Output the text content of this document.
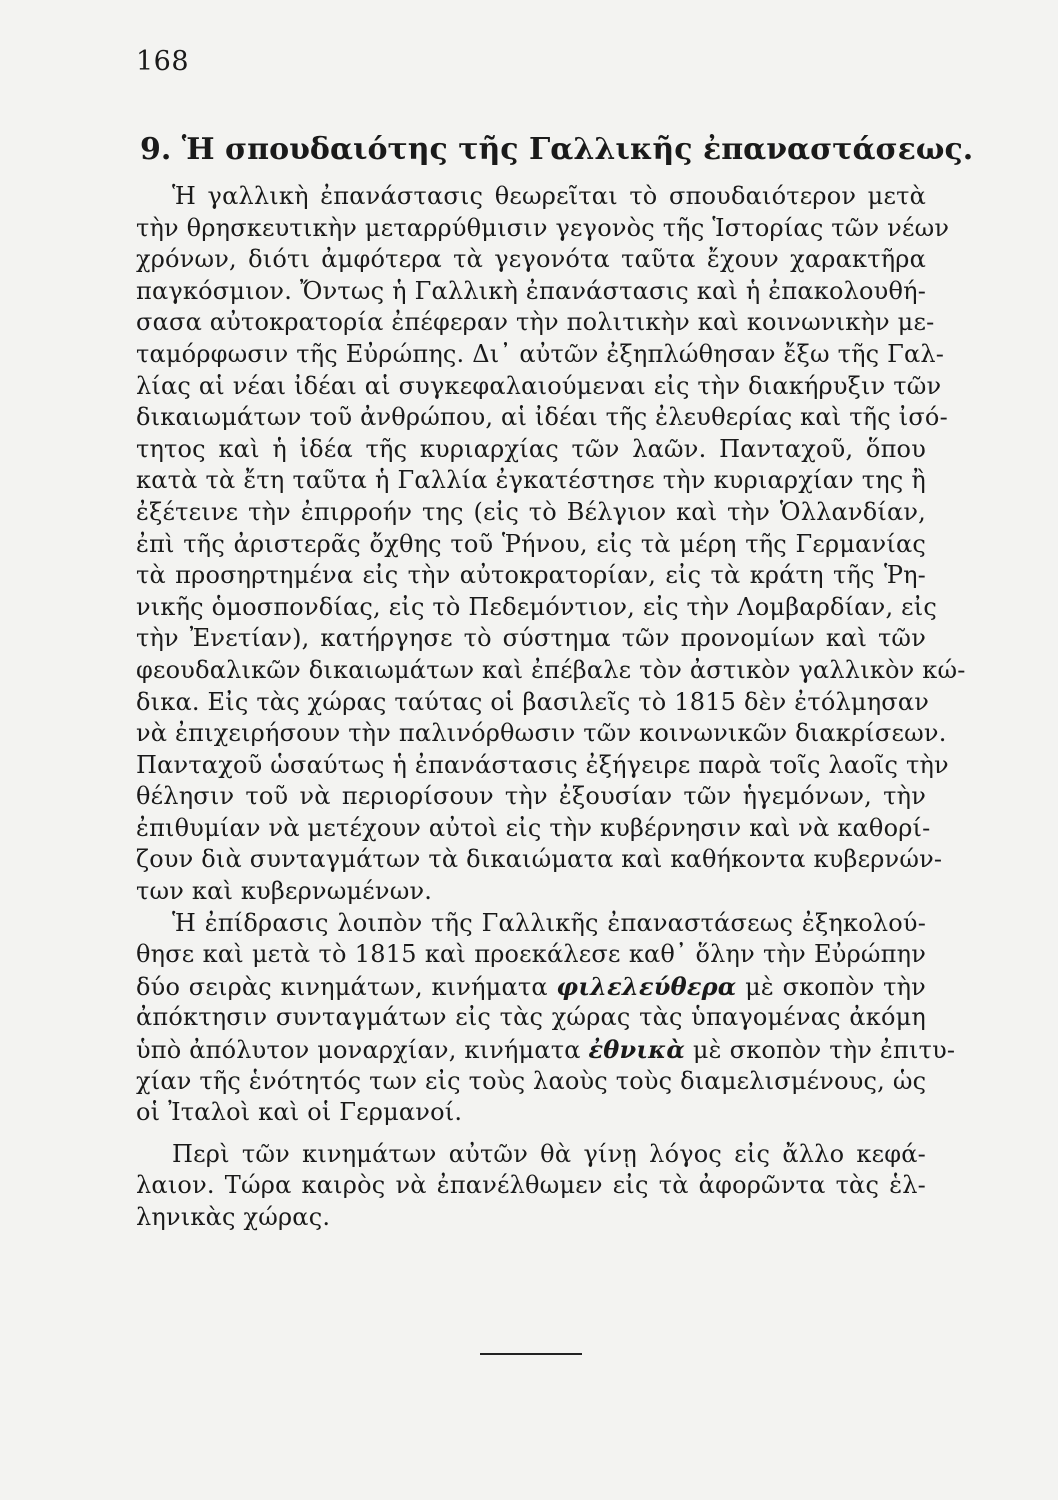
168
9. Ἡ σπουδαιότης τῆς Γαλλικῆς ἐπαναστάσεως.
Ἡ γαλλικὴ ἐπανάστασις θεωρεῖται τὸ σπουδαιότερον μετὰ
τὴν θρησκευτικὴν μεταρρύθμισιν γεγονὸς τῆς Ἱστορίας τῶν νέων
χρόνων, διότι ἀμφότερα τὰ γεγονότα ταῦτα ἔχουν χαρακτῆρα
παγκόσμιον. Ὄντως ἡ Γαλλικὴ ἐπανάστασις καὶ ἡ ἐπακολουθή-
σασα αὐτοκρατορία ἐπέφεραν τὴν πολιτικὴν καὶ κοινωνικὴν με-
ταμόρφωσιν τῆς Εὐρώπης. Δι᾽ αὐτῶν ἐξηπλώθησαν ἔξω τῆς Γαλ-
λίας αἱ νέαι ἰδέαι αἱ συγκεφαλαιούμεναι εἰς τὴν διακήρυξιν τῶν
δικαιωμάτων τοῦ ἀνθρώπου, αἱ ἰδέαι τῆς ἐλευθερίας καὶ τῆς ἰσό-
τητος καὶ ἡ ἰδέα τῆς κυριαρχίας τῶν λαῶν. Πανταχοῦ, ὅπου
κατὰ τὰ ἔτη ταῦτα ἡ Γαλλία ἐγκατέστησε τὴν κυριαρχίαν της ἢ
ἐξέτεινε τὴν ἐπιρροήν της (εἰς τὸ Βέλγιον καὶ τὴν Ὁλλανδίαν,
ἐπὶ τῆς ἀριστερᾶς ὄχθης τοῦ Ῥήνου, εἰς τὰ μέρη τῆς Γερμανίας
τὰ προσηρτημένα εἰς τὴν αὐτοκρατορίαν, εἰς τὰ κράτη τῆς Ῥη-
νικῆς ὁμοσπονδίας, εἰς τὸ Πεδεμόντιον, εἰς τὴν Λομβαρδίαν, εἰς
τὴν Ἐνετίαν), κατήργησε τὸ σύστημα τῶν προνομίων καὶ τῶν
φεουδαλικῶν δικαιωμάτων καὶ ἐπέβαλε τὸν ἀστικὸν γαλλικὸν κώ-
δικα. Εἰς τὰς χώρας ταύτας οἱ βασιλεῖς τὸ 1815 δὲν ἐτόλμησαν
νὰ ἐπιχειρήσουν τὴν παλινόρθωσιν τῶν κοινωνικῶν διακρίσεων.
Πανταχοῦ ὡσαύτως ἡ ἐπανάστασις ἐξήγειρε παρὰ τοῖς λαοῖς τὴν
θέλησιν τοῦ νὰ περιορίσουν τὴν ἐξουσίαν τῶν ἡγεμόνων, τὴν
ἐπιθυμίαν νὰ μετέχουν αὐτοὶ εἰς τὴν κυβέρνησιν καὶ νὰ καθορί-
ζουν διὰ συνταγμάτων τὰ δικαιώματα καὶ καθήκοντα κυβερνών-
των καὶ κυβερνωμένων.
Ἡ ἐπίδρασις λοιπὸν τῆς Γαλλικῆς ἐπαναστάσεως ἐξηκολού-
θησε καὶ μετὰ τὸ 1815 καὶ προεκάλεσε καθ᾽ ὅλην τὴν Εὐρώπην
δύο σειρὰς κινημάτων, κινήματα φιλελεύθερα μὲ σκοπὸν τὴν
ἀπόκτησιν συνταγμάτων εἰς τὰς χώρας τὰς ὑπαγομένας ἀκόμη
ὑπὸ ἀπόλυτον μοναρχίαν, κινήματα ἐθνικὰ μὲ σκοπὸν τὴν ἐπιτυ-
χίαν τῆς ἑνότητός των εἰς τοὺς λαοὺς τοὺς διαμελισμένους, ὡς
οἱ Ἰταλοὶ καὶ οἱ Γερμανοί.
Περὶ τῶν κινημάτων αὐτῶν θὰ γίνῃ λόγος εἰς ἄλλο κεφά-
λαιον. Τώρα καιρὸς νὰ ἐπανέλθωμεν εἰς τὰ ἀφορῶντα τὰς ἑλ-
ληνικὰς χώρας.
